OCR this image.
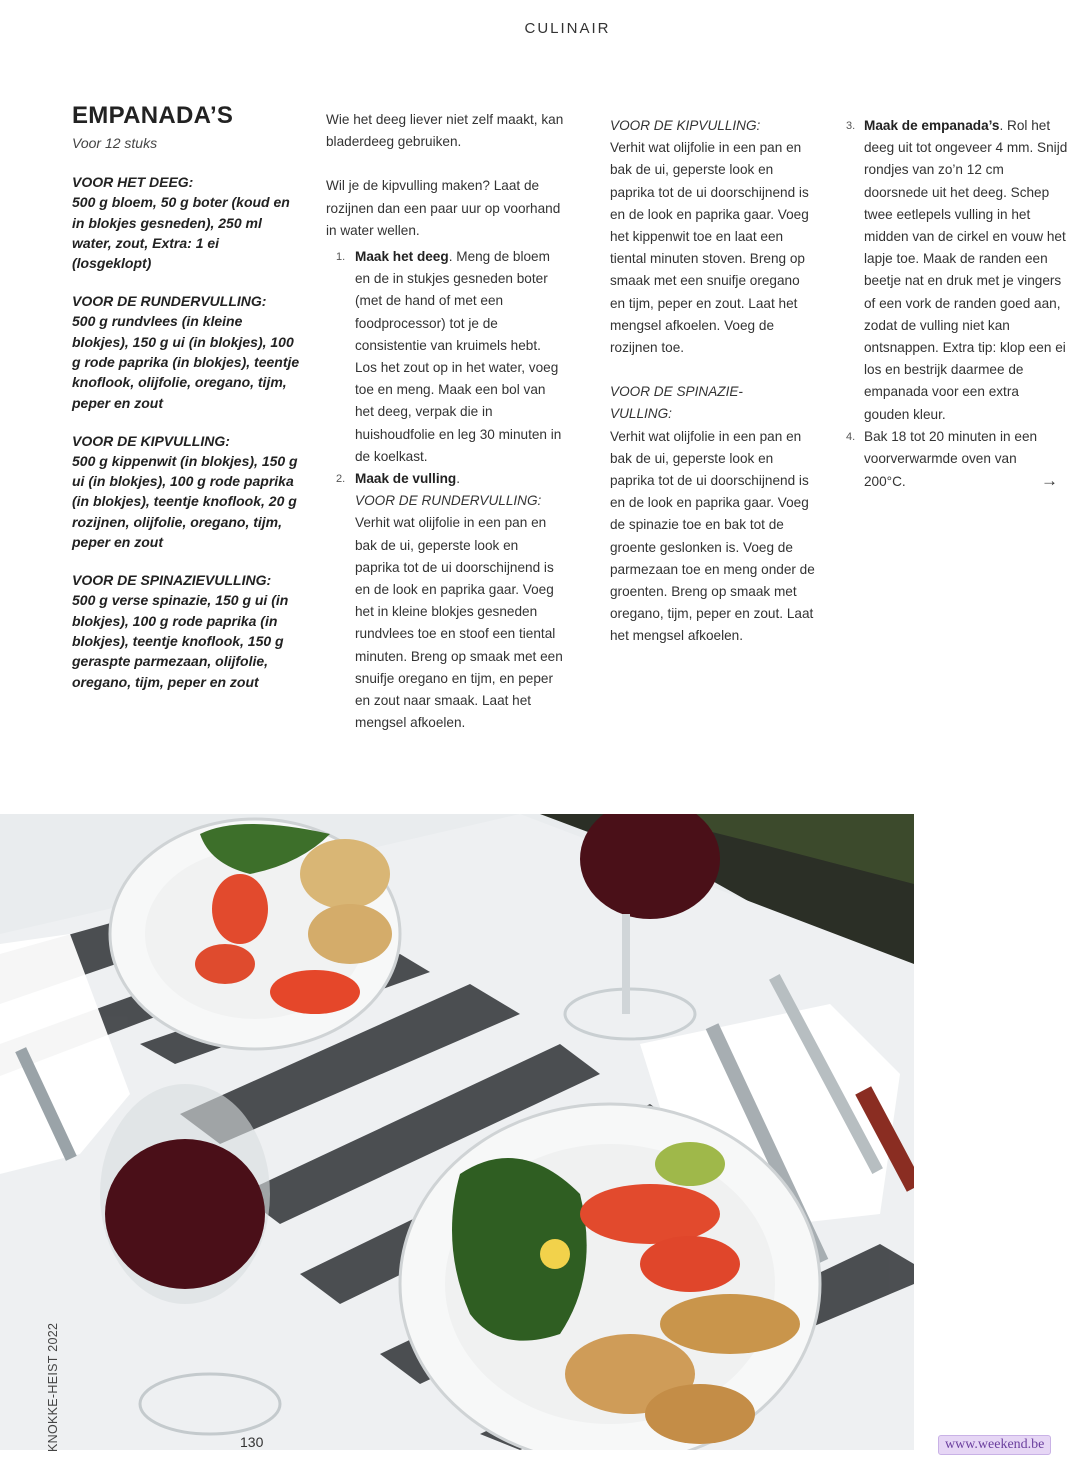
CULINAIR
EMPANADA’S
Voor 12 stuks
VOOR HET DEEG:
500 g bloem, 50 g boter (koud en in blokjes gesneden), 250 ml water, zout, Extra: 1 ei (losgeklopt)
VOOR DE RUNDERVULLING:
500 g rundvlees (in kleine blokjes), 150 g ui (in blokjes), 100 g rode paprika (in blokjes), teentje knoflook, olijfolie, oregano, tijm, peper en zout
VOOR DE KIPVULLING:
500 g kippenwit (in blokjes), 150 g ui (in blokjes), 100 g rode paprika (in blokjes), teentje knoflook, 20 g rozijnen, olijfolie, oregano, tijm, peper en zout
VOOR DE SPINAZIEVULLING:
500 g verse spinazie, 150 g ui (in blokjes), 100 g rode paprika (in blokjes), teentje knoflook, 150 g geraspte parmezaan, olijfolie, oregano, tijm, peper en zout

Wie het deeg liever niet zelf maakt, kan bladerdeeg gebruiken.

Wil je de kipvulling maken? Laat de rozijnen dan een paar uur op voorhand in water wellen.

1. Maak het deeg. Meng de bloem en de in stukjes gesneden boter (met de hand of met een foodprocessor) tot je de consistentie van kruimels hebt. Los het zout op in het water, voeg toe en meng. Maak een bol van het deeg, verpak die in huishoudfolie en leg 30 minuten in de koelkast.
2. Maak de vulling.
VOOR DE RUNDERVULLING:
Verhit wat olijfolie in een pan en bak de ui, geperste look en paprika tot de ui doorschijnend is en de look en paprika gaar. Voeg het in kleine blokjes gesneden rundvlees toe en stoof een tiental minuten. Breng op smaak met een snuifje oregano en tijm, en peper en zout naar smaak. Laat het mengsel afkoelen.
VOOR DE KIPVULLING:
Verhit wat olijfolie in een pan en bak de ui, geperste look en paprika tot de ui doorschijnend is en de look en paprika gaar. Voeg het kippenwit toe en laat een tiental minuten stoven. Breng op smaak met een snuifje oregano en tijm, peper en zout. Laat het mengsel afkoelen. Voeg de rozijnen toe.
VOOR DE SPINAZIE-VULLING:
Verhit wat olijfolie in een pan en bak de ui, geperste look en paprika tot de ui doorschijnend is en de look en paprika gaar. Voeg de spinazie toe en bak tot de groente geslonken is. Voeg de parmezaan toe en meng onder de groenten. Breng op smaak met oregano, tijm, peper en zout. Laat het mengsel afkoelen.
3. Maak de empanada’s. Rol het deeg uit tot ongeveer 4 mm. Snijd rondjes van zo’n 12 cm doorsnede uit het deeg. Schep twee eetlepels vulling in het midden van de cirkel en vouw het lapje toe. Maak de randen een beetje nat en druk met je vingers of een vork de randen goed aan, zodat de vulling niet kan ontsnappen. Extra tip: klop een ei los en bestrijk daarmee de empanada voor een extra gouden kleur.
4. Bak 18 tot 20 minuten in een voorverwarmde oven van
200°C.	→
KNOKKE-HEIST 2022	130	www.weekend.be
